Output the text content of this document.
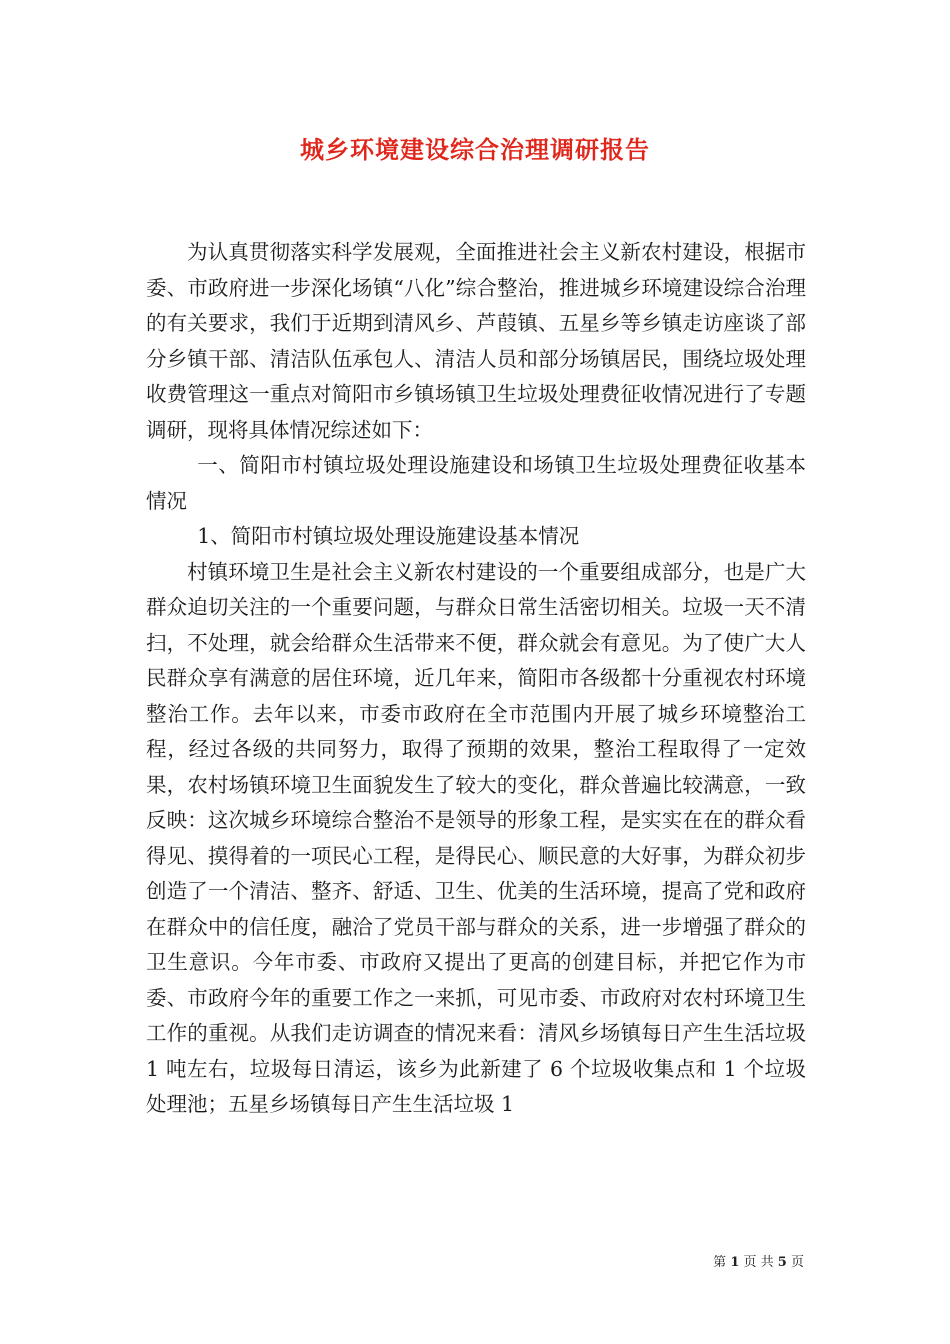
城乡环境建设综合治理调研报告

为认真贯彻落实科学发展观，全面推进社会主义新农村建设，根据市委、市政府进一步深化场镇“八化”综合整治，推进城乡环境建设综合治理的有关要求，我们于近期到清风乡、芦葭镇、五星乡等乡镇走访座谈了部分乡镇干部、清洁队伍承包人、清洁人员和部分场镇居民，围绕垃圾处理收费管理这一重点对简阳市乡镇场镇卫生垃圾处理费征收情况进行了专题调研，现将具体情况综述如下：

一、简阳市村镇垃圾处理设施建设和场镇卫生垃圾处理费征收基本情况

1、简阳市村镇垃圾处理设施建设基本情况

村镇环境卫生是社会主义新农村建设的一个重要组成部分，也是广大群众迫切关注的一个重要问题，与群众日常生活密切相关。垃圾一天不清扫，不处理，就会给群众生活带来不便，群众就会有意见。为了使广大人民群众享有满意的居住环境，近几年来，简阳市各级都十分重视农村环境整治工作。去年以来，市委市政府在全市范围内开展了城乡环境整治工程，经过各级的共同努力，取得了预期的效果，整治工程取得了一定效果，农村场镇环境卫生面貌发生了较大的变化，群众普遍比较满意，一致反映：这次城乡环境综合整治不是领导的形象工程，是实实在在的群众看得见、摸得着的一项民心工程，是得民心、顺民意的大好事，为群众初步创造了一个清洁、整齐、舒适、卫生、优美的生活环境，提高了党和政府在群众中的信任度，融洽了党员干部与群众的关系，进一步增强了群众的卫生意识。今年市委、市政府又提出了更高的创建目标，并把它作为市委、市政府今年的重要工作之一来抓，可见市委、市政府对农村环境卫生工作的重视。从我们走访调查的情况来看：清风乡场镇每日产生生活垃圾 1 吨左右，垃圾每日清运，该乡为此新建了 6 个垃圾收集点和 1 个垃圾处理池；五星乡场镇每日产生生活垃圾 1

第 1 页 共 5 页
